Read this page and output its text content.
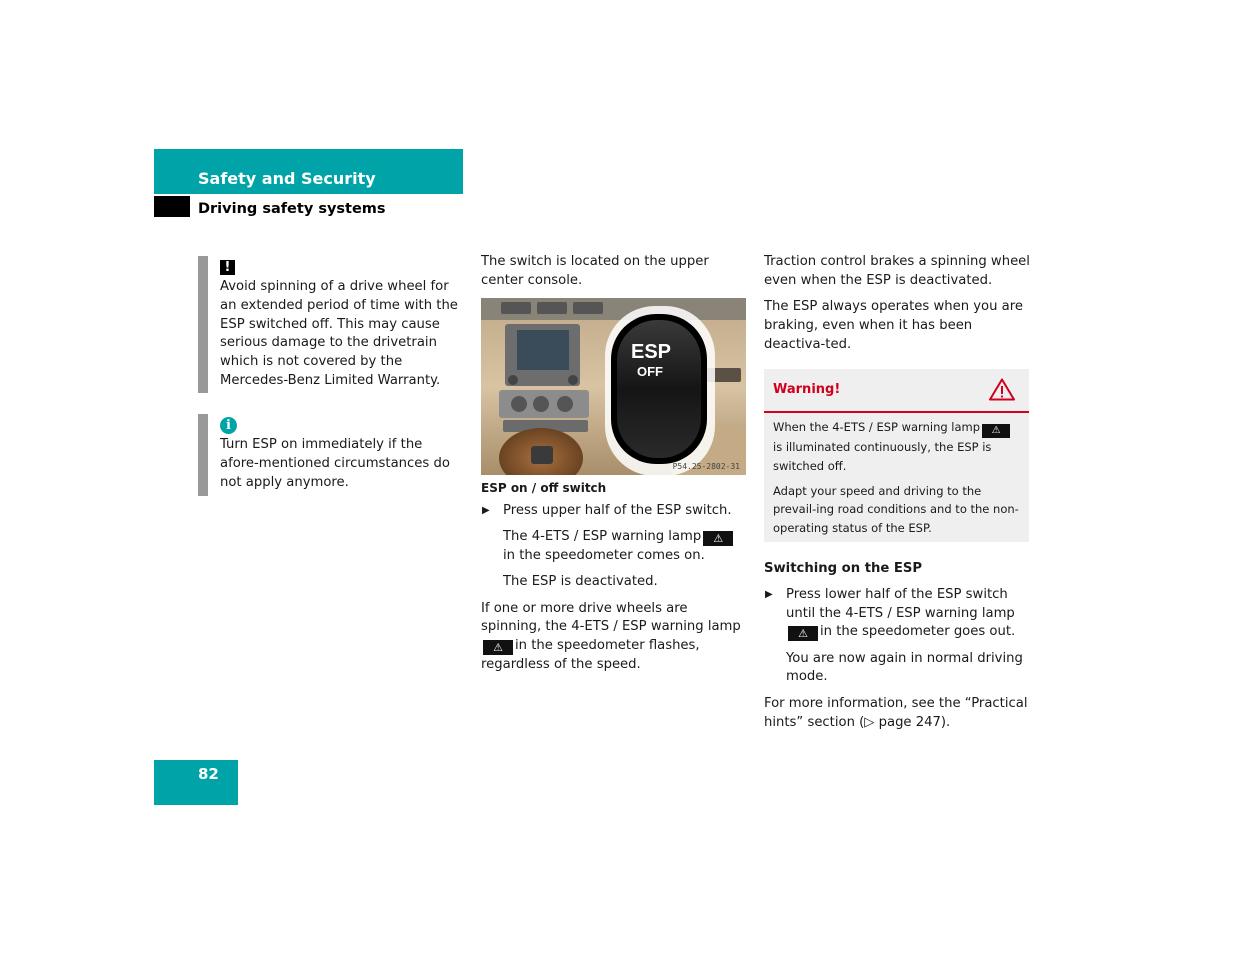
Safety and Security
Driving safety systems
!
Avoid spinning of a drive wheel for an extended period of time with the ESP switched off. This may cause serious damage to the drivetrain which is not covered by the Mercedes-Benz Limited Warranty.
i
Turn ESP on immediately if the afore-mentioned circumstances do not apply anymore.

The switch is located on the upper center console.

ESP
OFF
P54.25-2802-31
ESP on / off switch
▶ Press upper half of the ESP switch.

The 4-ETS / ESP warning lamp ⚠in the speedometer comes on.

The ESP is deactivated.

If one or more drive wheels are spinning, the 4-ETS / ESP warning lamp⚠ in the speedometer flashes, regardless of the speed.

Traction control brakes a spinning wheel even when the ESP is deactivated.

The ESP always operates when you are braking, even when it has been deactiva-ted.

Warning!

When the 4-ETS / ESP warning lamp ⚠is illuminated continuously, the ESP is switched off.

Adapt your speed and driving to the prevail-ing road conditions and to the non-operating status of the ESP.

Switching on the ESP
▶ Press lower half of the ESP switch until the 4-ETS / ESP warning lamp⚠ in the speedometer goes out.

You are now again in normal driving mode.

For more information, see the “Practical hints” section (▷ page 247).

82
